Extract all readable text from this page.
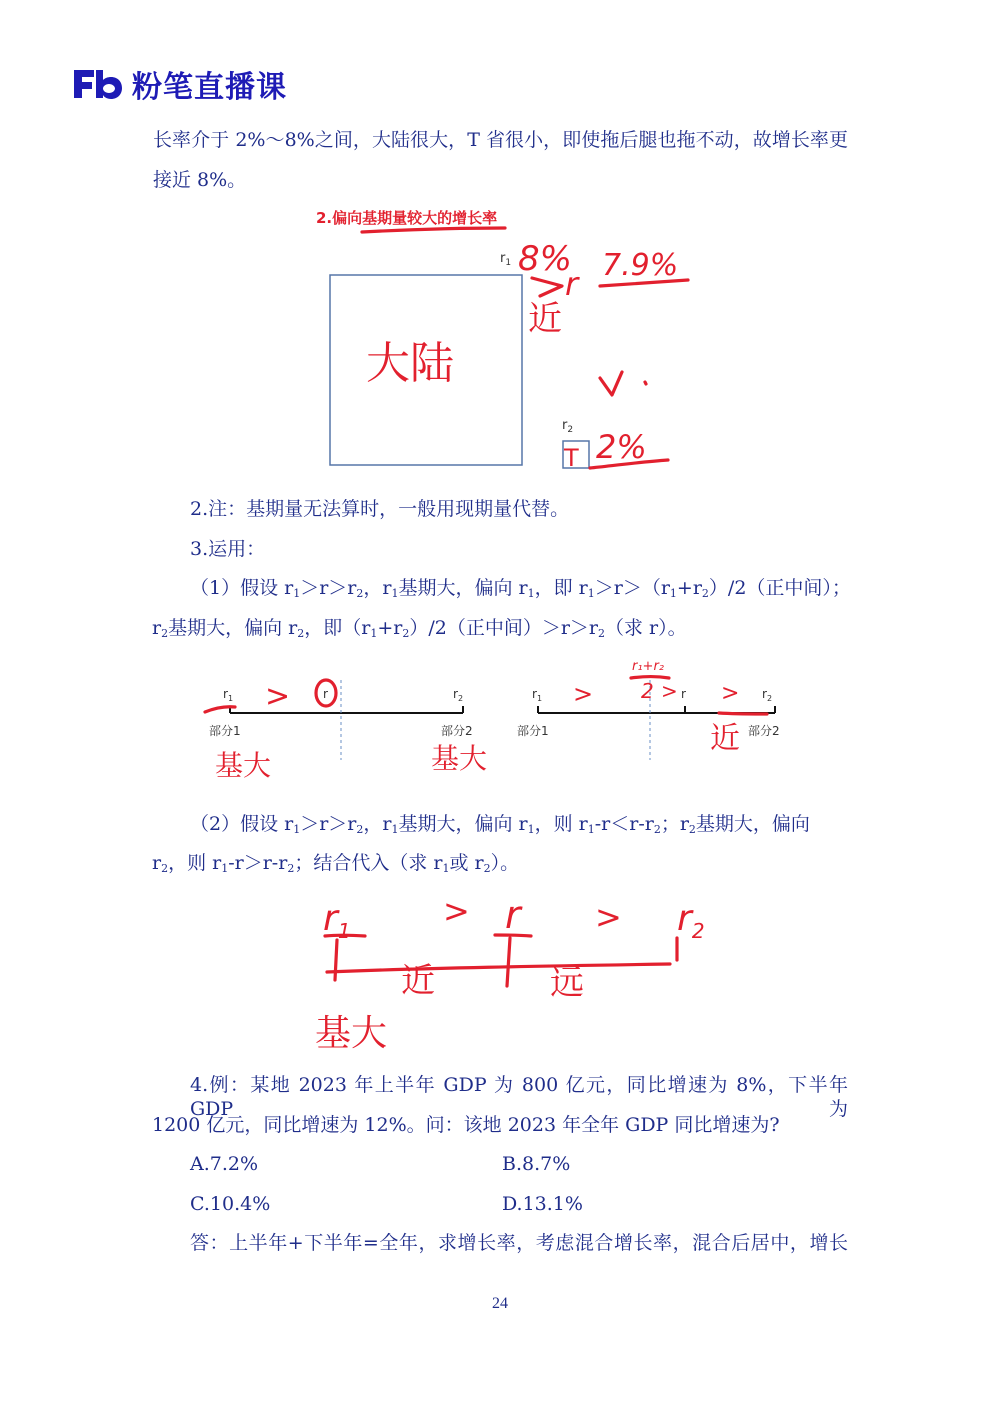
粉笔直播课
长率介于 2%～8%之间，大陆很大，T 省很小，即使拖后腿也拖不动，故增长率更
接近 8%。
2.偏向基期量较大的增长率
$r_1$
$r_2$
8%
r 7.9%
近
大陆
T 2%
2.注：基期量无法算时，一般用现期量代替。
3.运用：
（1）假设 $r_1>r>r_2$，$r_1$基期大，偏向 $r_1$，即 $r_1>r>(r_1+r_2)/2$（正中间）；
$r_2$基期大，偏向 $r_2$，即$(r_1+r_2)/2$（正中间）$>r>r_2$（求 r）。
$r_1$	$r_2$
r
部分1	部分2
>
基大	基大
$r_1$	r	$r_2$
部分1	部分2
>
r₁+r₂
2 > >
近
（2）假设 $r_1>r>r_2$，$r_1$基期大，偏向 $r_1$，则 $r_1-r<r-r_2$；$r_2$基期大，偏向
$r_2$，则 $r_1-r>r-r_2$；结合代入（求 $r_1$或 $r_2$）。
$r_1$
> $r > r_2$
近	远
基大
4.例：某地 2023 年上半年 GDP 为 800 亿元，同比增速为 8%，下半年 GDP 为
1200 亿元，同比增速为 12%。问：该地 2023 年全年 GDP 同比增速为?
A.7.2%	B.8.7%
C.10.4%	D.13.1%
答：上半年+下半年=全年，求增长率，考虑混合增长率，混合后居中，增长
24
